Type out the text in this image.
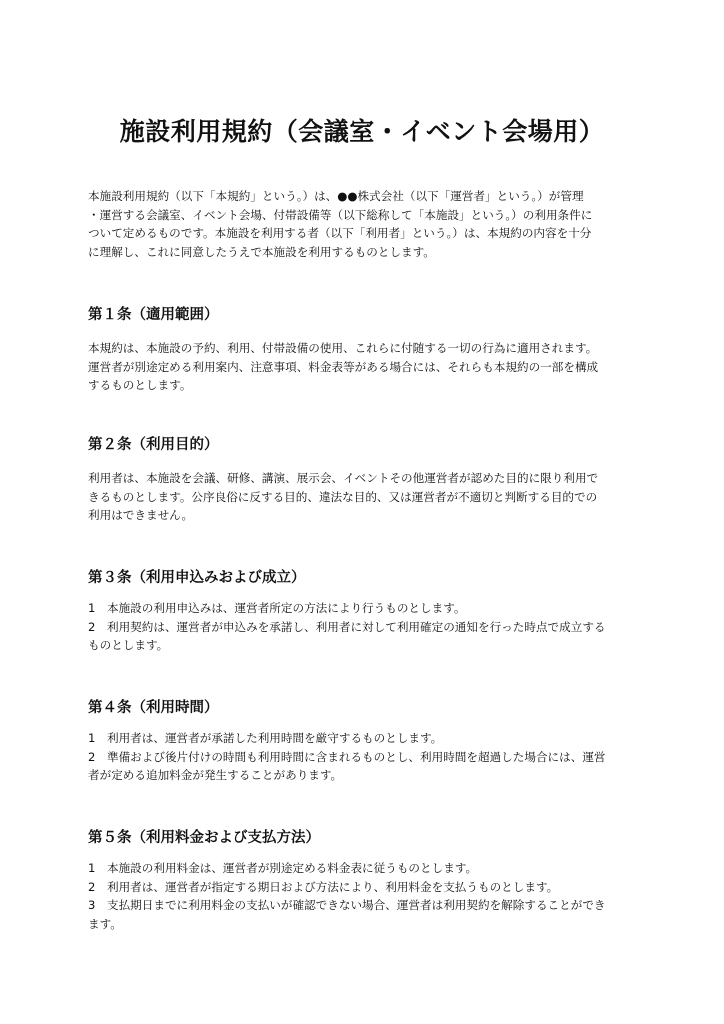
施設利用規約（会議室・イベント会場用）
本施設利用規約（以下「本規約」という。）は、●●株式会社（以下「運営者」という。）が管理
・運営する会議室、イベント会場、付帯設備等（以下総称して「本施設」という。）の利用条件に
ついて定めるものです。本施設を利用する者（以下「利用者」という。）は、本規約の内容を十分
に理解し、これに同意したうえで本施設を利用するものとします。
第１条（適用範囲）
本規約は、本施設の予約、利用、付帯設備の使用、これらに付随する一切の行為に適用されます。
運営者が別途定める利用案内、注意事項、料金表等がある場合には、それらも本規約の一部を構成
するものとします。
第２条（利用目的）
利用者は、本施設を会議、研修、講演、展示会、イベントその他運営者が認めた目的に限り利用で
きるものとします。公序良俗に反する目的、違法な目的、又は運営者が不適切と判断する目的での
利用はできません。
第３条（利用申込みおよび成立）
1　本施設の利用申込みは、運営者所定の方法により行うものとします。
2　利用契約は、運営者が申込みを承諾し、利用者に対して利用確定の通知を行った時点で成立する
ものとします。
第４条（利用時間）
1　利用者は、運営者が承諾した利用時間を厳守するものとします。
2　準備および後片付けの時間も利用時間に含まれるものとし、利用時間を超過した場合には、運営
者が定める追加料金が発生することがあります。
第５条（利用料金および支払方法）
1　本施設の利用料金は、運営者が別途定める料金表に従うものとします。
2　利用者は、運営者が指定する期日および方法により、利用料金を支払うものとします。
3　支払期日までに利用料金の支払いが確認できない場合、運営者は利用契約を解除することができ
ます。
